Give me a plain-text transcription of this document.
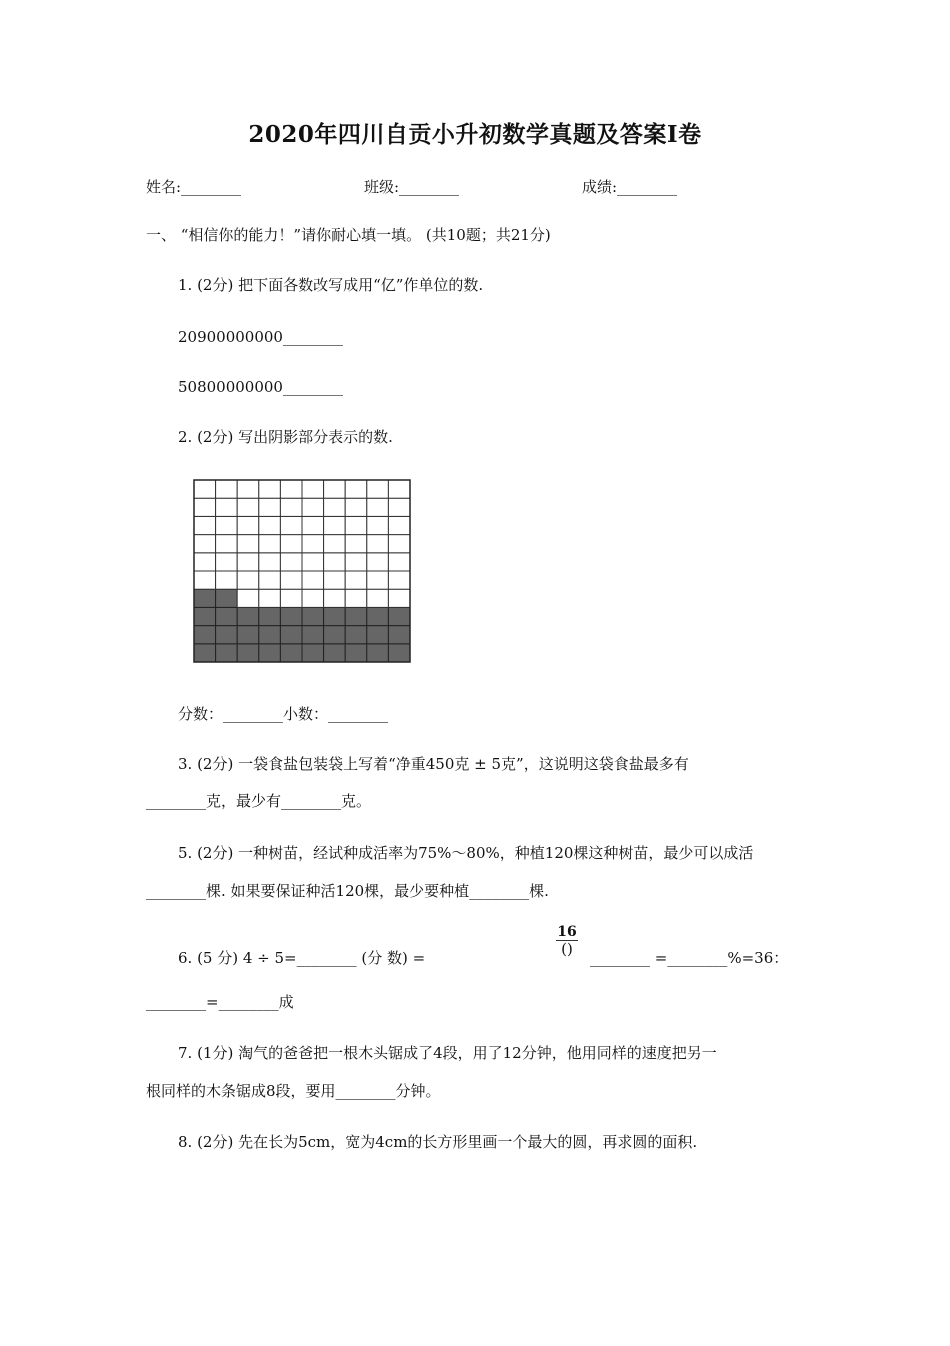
2020年四川自贡小升初数学真题及答案I卷
姓名:________	班级:________	成绩:________
一、 “相信你的能力！”请你耐心填一填。 (共10题；共21分)
1. (2分) 把下面各数改写成用“亿”作单位的数.
20900000000________
50800000000________
2. (2分) 写出阴影部分表示的数.
分数：________小数：________
3. (2分) 一袋食盐包装袋上写着“净重450克 ± 5克”，这说明这袋食盐最多有
________克，最少有________克。
5. (2分) 一种树苗，经试种成活率为75%～80%，种植120棵这种树苗，最少可以成活
________棵. 如果要保证种活120棵，最少要种植________棵.
6. (5 分) 4 ÷ 5=________ (分 数) =
16
()	________ =________%=36：
________=________成
7. (1分) 淘气的爸爸把一根木头锯成了4段，用了12分钟，他用同样的速度把另一
根同样的木条锯成8段，要用________分钟。
8. (2分) 先在长为5cm，宽为4cm的长方形里画一个最大的圆，再求圆的面积.
